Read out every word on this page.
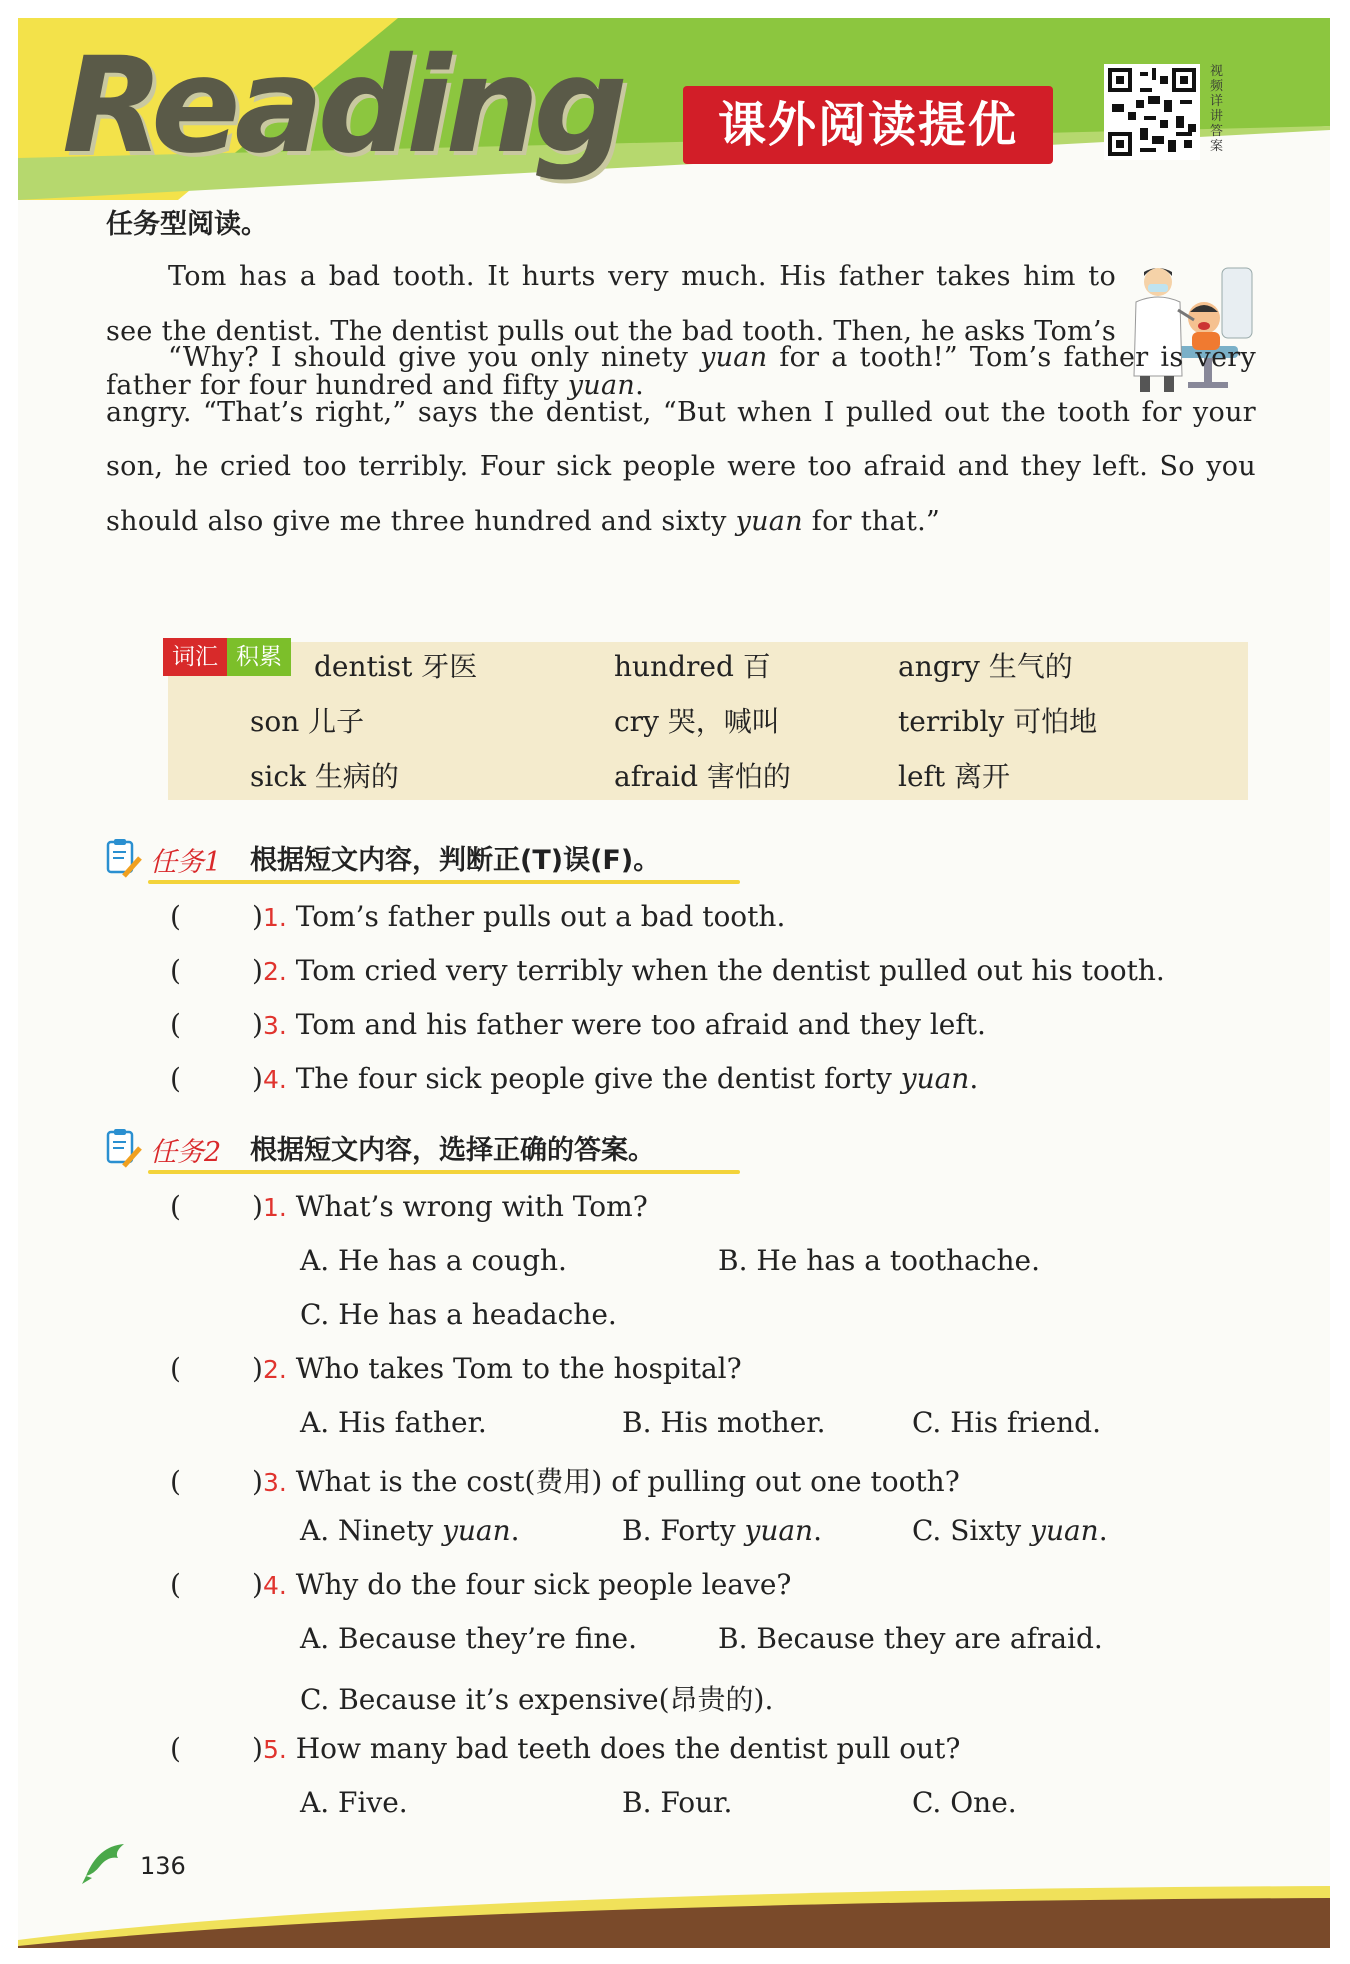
Reading	课外阅读提优
视频详讲答案
任务型阅读。

Tom has a bad tooth. It hurts very much. His father takes him to see the dentist. The dentist pulls out the bad tooth. Then, he asks Tom’s father for four hundred and fifty yuan.

“Why? I should give you only ninety yuan for a tooth!” Tom’s father is very angry. “That’s right,” says the dentist, “But when I pulled out the tooth for your son, he cried too terribly. Four sick people were too afraid and they left. So you should also give me three hundred and sixty yuan for that.”

词汇 积累	dentist 牙医	hundred 百	angry 生气的
son 儿子	cry 哭，喊叫	terribly 可怕地
sick 生病的	afraid 害怕的	left 离开
任务1 根据短文内容，判断正(T)误(F)。
(	)1. Tom’s father pulls out a bad tooth.
(	)2. Tom cried very terribly when the dentist pulled out his tooth.
(	)3. Tom and his father were too afraid and they left.
(	)4. The four sick people give the dentist forty yuan.
任务2 根据短文内容，选择正确的答案。
(	)1. What’s wrong with Tom?
A. He has a cough.	B. He has a toothache.
C. He has a headache.
(	)2. Who takes Tom to the hospital?
A. His father.	B. His mother.	C. His friend.
(	)3. What is the cost(费用) of pulling out one tooth?
A. Ninety yuan.	B. Forty yuan.	C. Sixty yuan.
(	)4. Why do the four sick people leave?
A. Because they’re fine.	B. Because they are afraid.
C. Because it’s expensive(昂贵的).
(	)5. How many bad teeth does the dentist pull out?
A. Five.	B. Four.	C. One.
136
